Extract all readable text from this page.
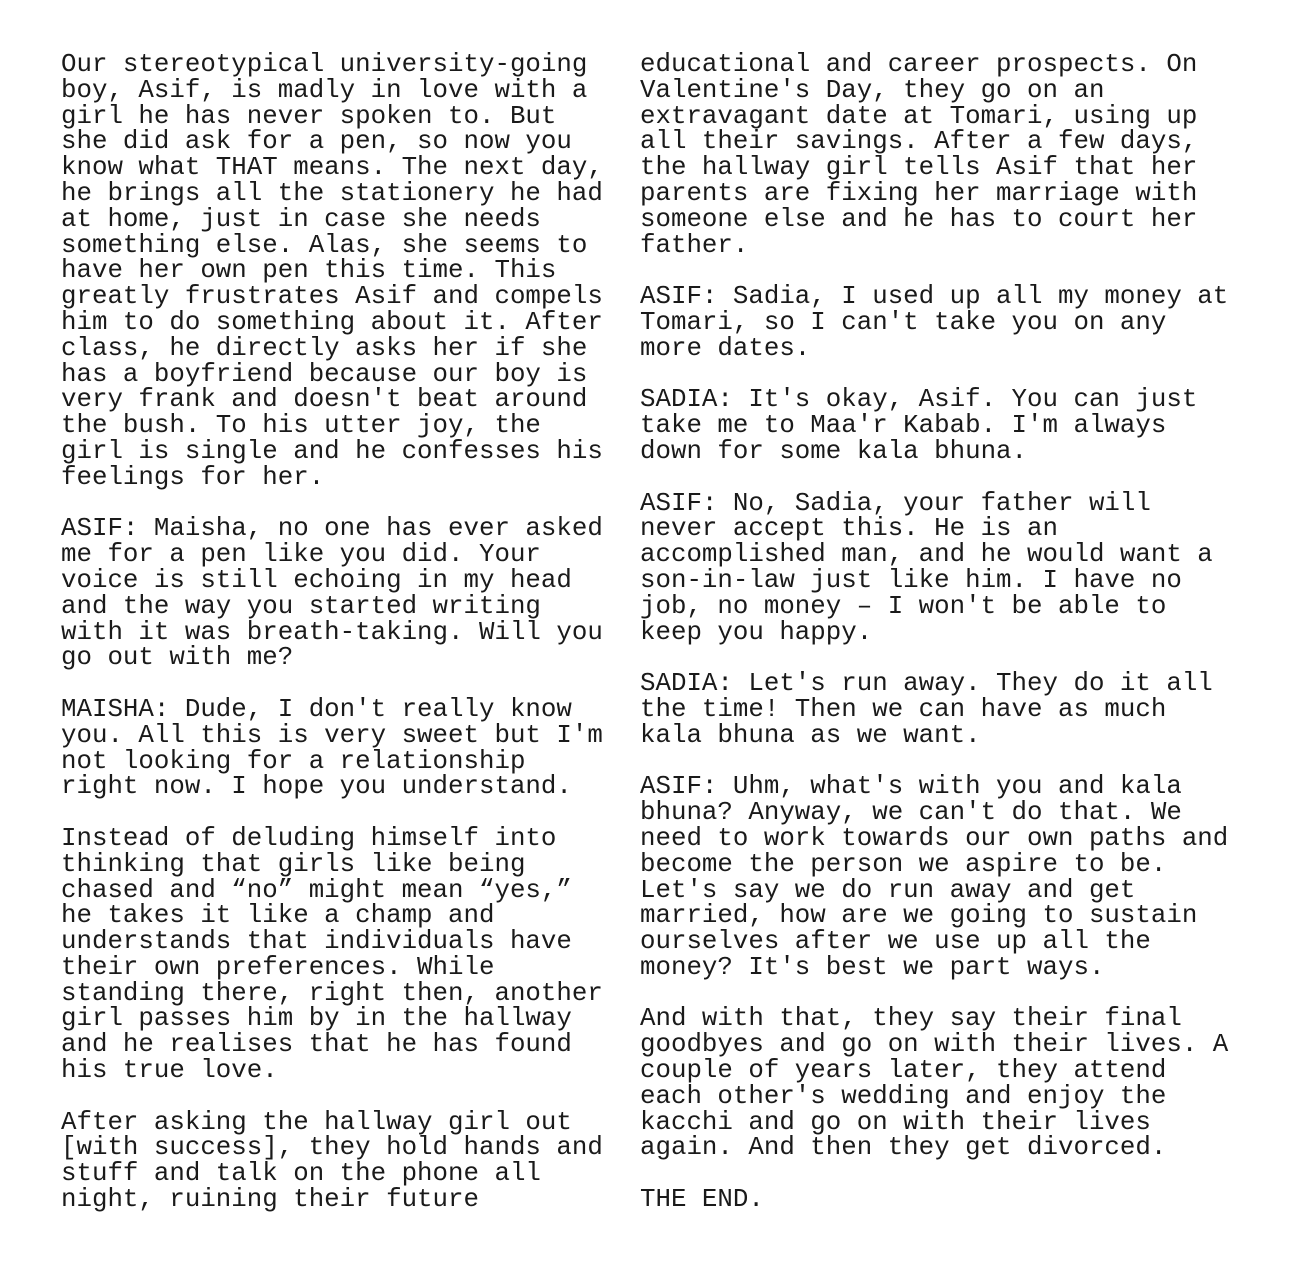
Our stereotypical university-going
boy, Asif, is madly in love with a
girl he has never spoken to. But
she did ask for a pen, so now you
know what THAT means. The next day,
he brings all the stationery he had
at home, just in case she needs
something else. Alas, she seems to
have her own pen this time. This
greatly frustrates Asif and compels
him to do something about it. After
class, he directly asks her if she
has a boyfriend because our boy is
very frank and doesn't beat around
the bush. To his utter joy, the
girl is single and he confesses his
feelings for her.

ASIF: Maisha, no one has ever asked
me for a pen like you did. Your
voice is still echoing in my head
and the way you started writing
with it was breath-taking. Will you
go out with me?

MAISHA: Dude, I don't really know
you. All this is very sweet but I'm
not looking for a relationship
right now. I hope you understand.

Instead of deluding himself into
thinking that girls like being
chased and “no” might mean “yes,”
he takes it like a champ and
understands that individuals have
their own preferences. While
standing there, right then, another
girl passes him by in the hallway
and he realises that he has found
his true love.

After asking the hallway girl out
[with success], they hold hands and
stuff and talk on the phone all
night, ruining their future

educational and career prospects. On
Valentine's Day, they go on an
extravagant date at Tomari, using up
all their savings. After a few days,
the hallway girl tells Asif that her
parents are fixing her marriage with
someone else and he has to court her
father.

ASIF: Sadia, I used up all my money at
Tomari, so I can't take you on any
more dates.

SADIA: It's okay, Asif. You can just
take me to Maa'r Kabab. I'm always
down for some kala bhuna.

ASIF: No, Sadia, your father will
never accept this. He is an
accomplished man, and he would want a
son-in-law just like him. I have no
job, no money – I won't be able to
keep you happy.

SADIA: Let's run away. They do it all
the time! Then we can have as much
kala bhuna as we want.

ASIF: Uhm, what's with you and kala
bhuna? Anyway, we can't do that. We
need to work towards our own paths and
become the person we aspire to be.
Let's say we do run away and get
married, how are we going to sustain
ourselves after we use up all the
money? It's best we part ways.

And with that, they say their final
goodbyes and go on with their lives. A
couple of years later, they attend
each other's wedding and enjoy the
kacchi and go on with their lives
again. And then they get divorced.

THE END.
